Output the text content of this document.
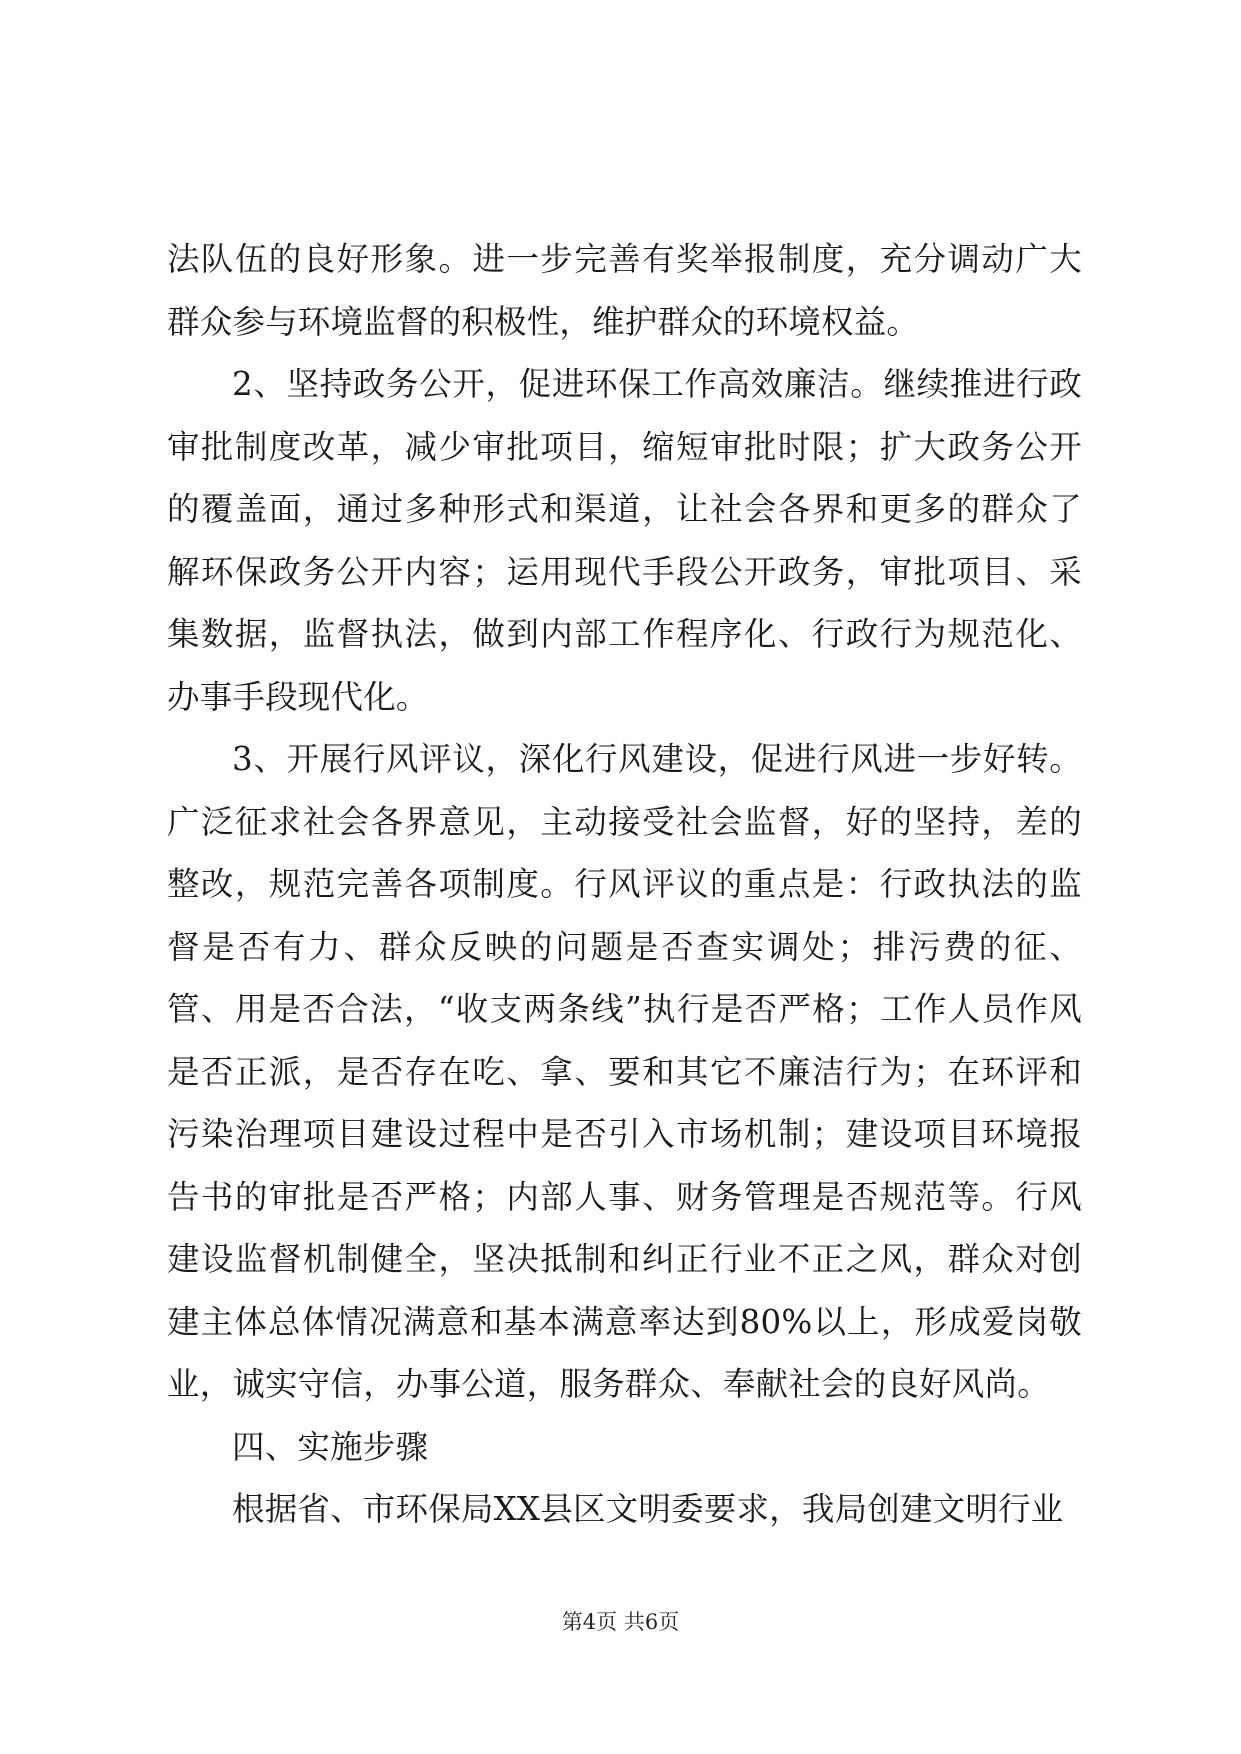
法队伍的良好形象。进一步完善有奖举报制度，充分调动广大群众参与环境监督的积极性，维护群众的环境权益。

2、坚持政务公开，促进环保工作高效廉洁。继续推进行政审批制度改革，减少审批项目，缩短审批时限；扩大政务公开的覆盖面，通过多种形式和渠道，让社会各界和更多的群众了解环保政务公开内容；运用现代手段公开政务，审批项目、采集数据，监督执法，做到内部工作程序化、行政行为规范化、办事手段现代化。

3、开展行风评议，深化行风建设，促进行风进一步好转。广泛征求社会各界意见，主动接受社会监督，好的坚持，差的整改，规范完善各项制度。行风评议的重点是：行政执法的监督是否有力、群众反映的问题是否查实调处；排污费的征、管、用是否合法，“收支两条线”执行是否严格；工作人员作风是否正派，是否存在吃、拿、要和其它不廉洁行为；在环评和污染治理项目建设过程中是否引入市场机制；建设项目环境报告书的审批是否严格；内部人事、财务管理是否规范等。行风建设监督机制健全，坚决抵制和纠正行业不正之风，群众对创建主体总体情况满意和基本满意率达到80%以上，形成爱岗敬业，诚实守信，办事公道，服务群众、奉献社会的良好风尚。

四、实施步骤

根据省、市环保局XX县区文明委要求，我局创建文明行业

第4页 共6页
